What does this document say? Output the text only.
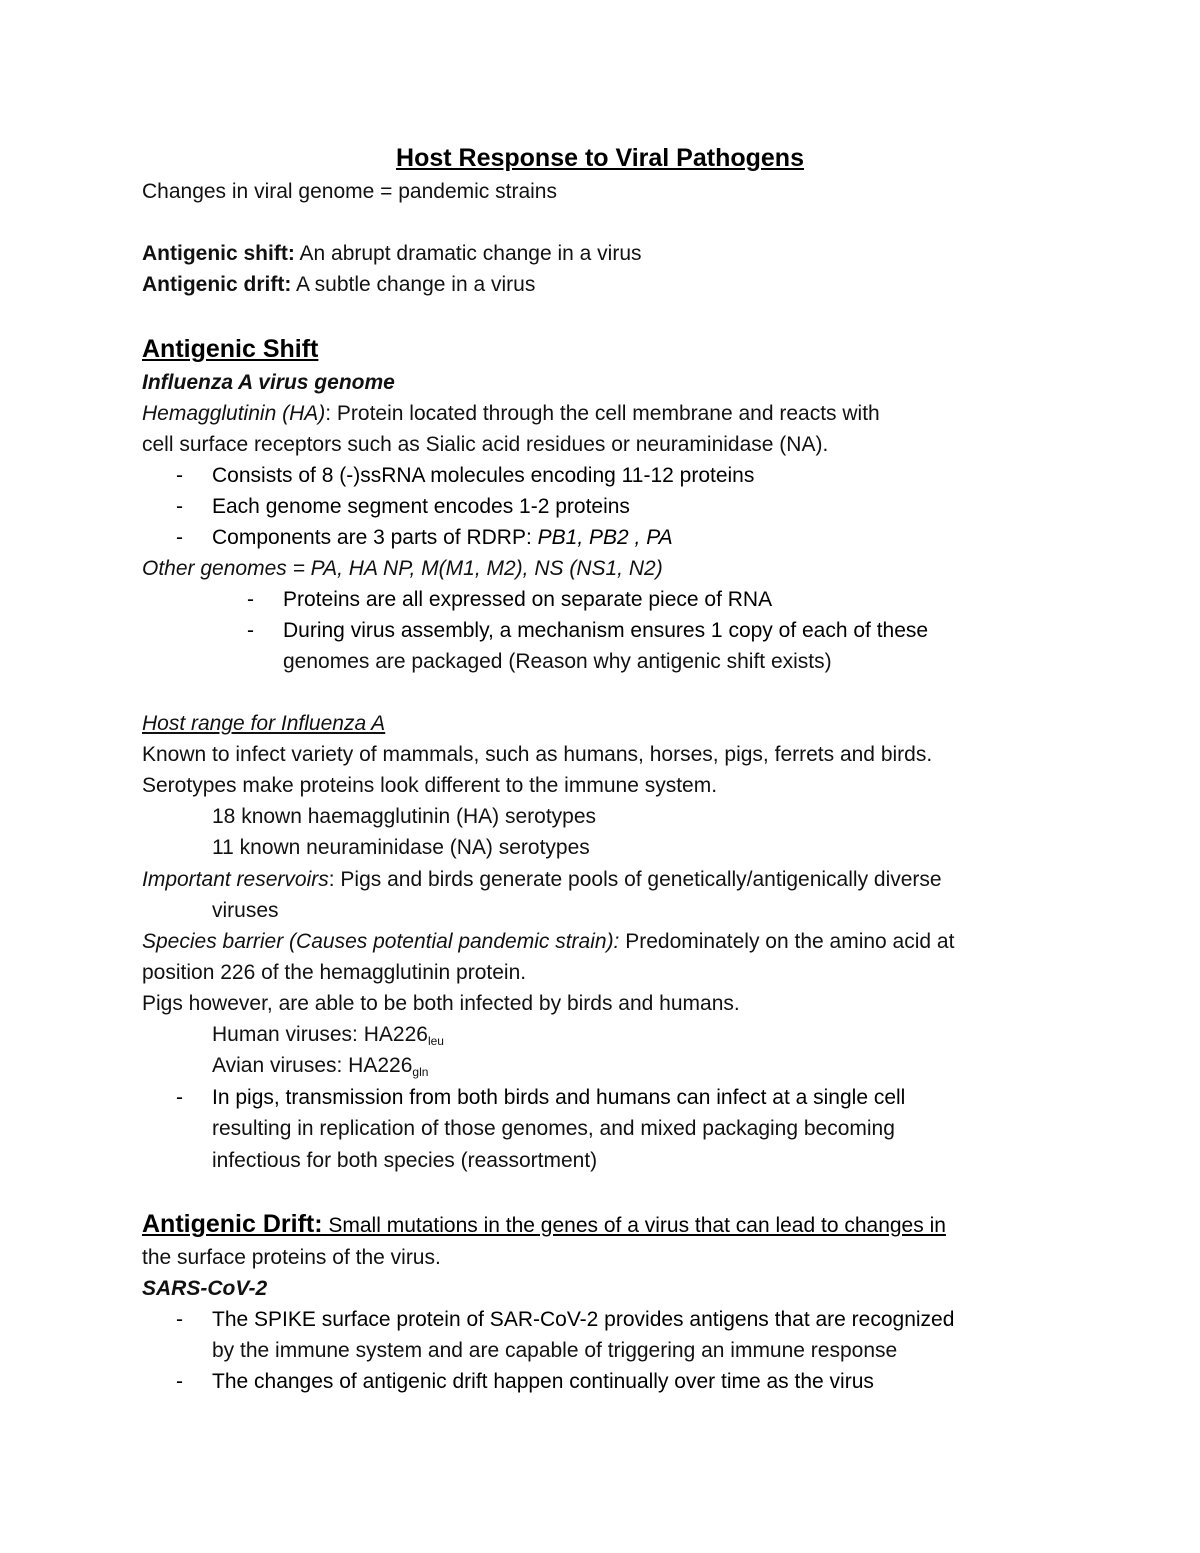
Host Response to Viral Pathogens
Changes in viral genome = pandemic strains
Antigenic shift: An abrupt dramatic change in a virus
Antigenic drift: A subtle change in a virus
Antigenic Shift
Influenza A virus genome
Hemagglutinin (HA): Protein located through the cell membrane and reacts with
cell surface receptors such as Sialic acid residues or neuraminidase (NA).
- Consists of 8 (-)ssRNA molecules encoding 11-12 proteins
- Each genome segment encodes 1-2 proteins
- Components are 3 parts of RDRP: PB1, PB2 , PA
Other genomes = PA, HA NP, M(M1, M2), NS (NS1, N2)
- Proteins are all expressed on separate piece of RNA
- During virus assembly, a mechanism ensures 1 copy of each of these
genomes are packaged (Reason why antigenic shift exists)
Host range for Influenza A
Known to infect variety of mammals, such as humans, horses, pigs, ferrets and birds.
Serotypes make proteins look different to the immune system.
18 known haemagglutinin (HA) serotypes
11 known neuraminidase (NA) serotypes
Important reservoirs: Pigs and birds generate pools of genetically/antigenically diverse
viruses
Species barrier (Causes potential pandemic strain): Predominately on the amino acid at
position 226 of the hemagglutinin protein.
Pigs however, are able to be both infected by birds and humans.
Human viruses: $HA226_{leu}$
Avian viruses: $HA226_{gln}$
- In pigs, transmission from both birds and humans can infect at a single cell
resulting in replication of those genomes, and mixed packaging becoming
infectious for both species (reassortment)
Antigenic Drift: Small mutations in the genes of a virus that can lead to changes in
the surface proteins of the virus.
SARS-CoV-2
- The SPIKE surface protein of SAR-CoV-2 provides antigens that are recognized
by the immune system and are capable of triggering an immune response
- The changes of antigenic drift happen continually over time as the virus
